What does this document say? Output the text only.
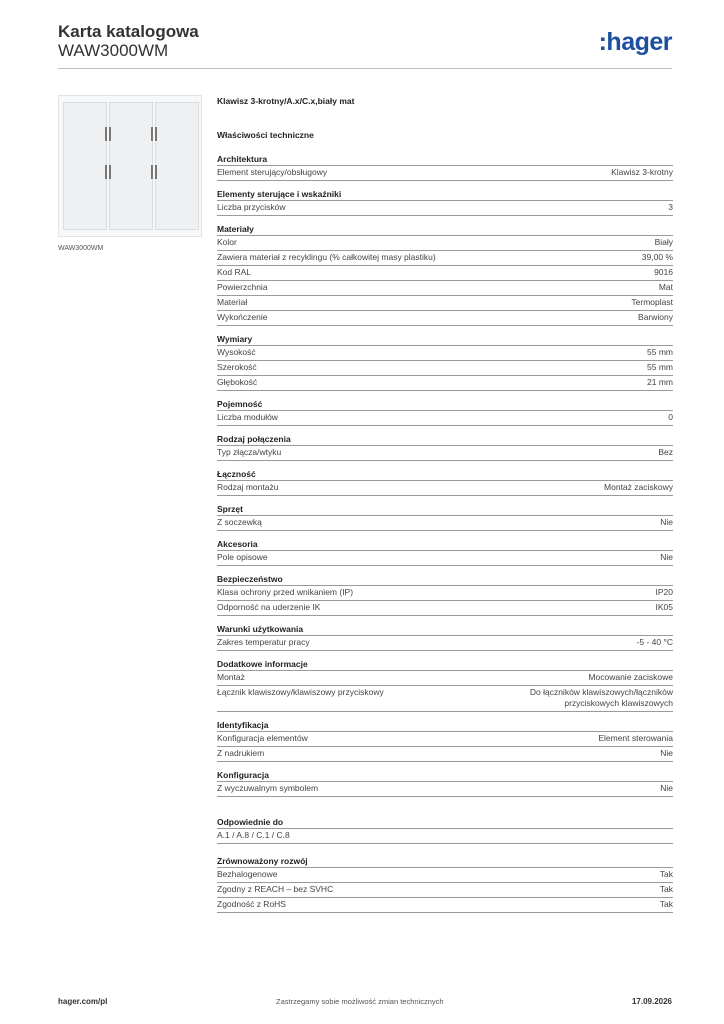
Karta katalogowa
WAW3000WM	:hager
WAW3000WM
Klawisz 3-krotny/A.x/C.x,biały mat
Właściwości techniczne
Architektura
Element sterujący/obsługowy	Klawisz 3-krotny
Elementy sterujące i wskaźniki
Liczba przycisków	3
Materiały
Kolor	Biały
Zawiera materiał z recyklingu (% całkowitej masy plastiku)	39,00 %
Kod RAL	9016
Powierzchnia	Mat
Materiał	Termoplast
Wykończenie	Barwiony
Wymiary
Wysokość	55 mm
Szerokość	55 mm
Głębokość	21 mm
Pojemność
Liczba modułów	0
Rodzaj połączenia
Typ złącza/wtyku	Bez
Łączność
Rodzaj montażu	Montaż zaciskowy
Sprzęt
Z soczewką	Nie
Akcesoria
Pole opisowe	Nie
Bezpieczeństwo
Klasa ochrony przed wnikaniem (IP)	IP20
Odporność na uderzenie IK	IK05
Warunki użytkowania
Zakres temperatur pracy	-5 - 40 °C
Dodatkowe informacje
Montaż	Mocowanie zaciskowe
Łącznik klawiszowy/klawiszowy przyciskowy	Do łączników klawiszowych/łączników przyciskowych klawiszowych
Identyfikacja
Konfiguracja elementów	Element sterowania
Z nadrukiem	Nie
Konfiguracja
Z wyczuwalnym symbolem	Nie
Odpowiednie do
A.1 / A.8 / C.1 / C.8
Zrównoważony rozwój
Bezhalogenowe	Tak
Zgodny z REACH – bez SVHC	Tak
Zgodność z RoHS	Tak
hager.com/pl	Zastrzegamy sobie możliwość zmian technicznych	17.09.2026
